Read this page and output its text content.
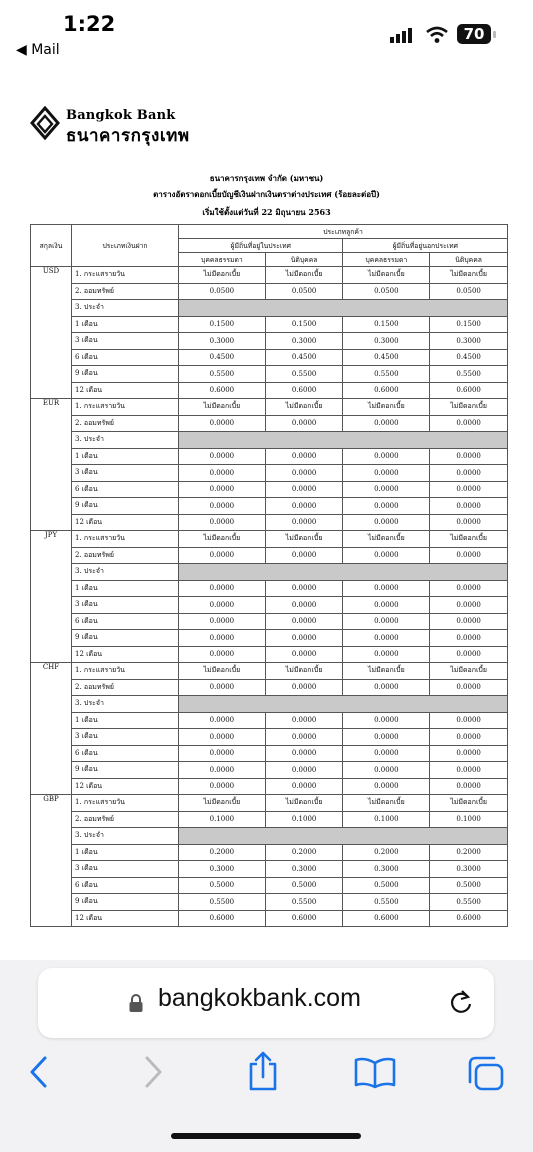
1:22
◀ Mail
70
Bangkok Bank
ธนาคารกรุงเทพ
ธนาคารกรุงเทพ จำกัด (มหาชน)
ตารางอัตราดอกเบี้ยบัญชีเงินฝากเงินตราต่างประเทศ (ร้อยละต่อปี)
เริ่มใช้ตั้งแต่วันที่ 22 มิถุนายน 2563
สกุลเงิน	ประเภทเงินฝาก	ประเภทลูกค้า			
		ผู้มีถิ่นที่อยู่ในประเทศ		ผู้มีถิ่นที่อยู่นอกประเทศ	
		บุคคลธรรมดา	นิติบุคคล	บุคคลธรรมดา	นิติบุคคล
USD	1. กระแสรายวัน	ไม่มีดอกเบี้ย	ไม่มีดอกเบี้ย	ไม่มีดอกเบี้ย	ไม่มีดอกเบี้ย
	2. ออมทรัพย์	0.0500	0.0500	0.0500	0.0500
	3. ประจำ				
	1 เดือน	0.1500	0.1500	0.1500	0.1500
	3 เดือน	0.3000	0.3000	0.3000	0.3000
	6 เดือน	0.4500	0.4500	0.4500	0.4500
	9 เดือน	0.5500	0.5500	0.5500	0.5500
	12 เดือน	0.6000	0.6000	0.6000	0.6000
EUR	1. กระแสรายวัน	ไม่มีดอกเบี้ย	ไม่มีดอกเบี้ย	ไม่มีดอกเบี้ย	ไม่มีดอกเบี้ย
	2. ออมทรัพย์	0.0000	0.0000	0.0000	0.0000
	3. ประจำ				
	1 เดือน	0.0000	0.0000	0.0000	0.0000
	3 เดือน	0.0000	0.0000	0.0000	0.0000
	6 เดือน	0.0000	0.0000	0.0000	0.0000
	9 เดือน	0.0000	0.0000	0.0000	0.0000
	12 เดือน	0.0000	0.0000	0.0000	0.0000
JPY	1. กระแสรายวัน	ไม่มีดอกเบี้ย	ไม่มีดอกเบี้ย	ไม่มีดอกเบี้ย	ไม่มีดอกเบี้ย
	2. ออมทรัพย์	0.0000	0.0000	0.0000	0.0000
	3. ประจำ				
	1 เดือน	0.0000	0.0000	0.0000	0.0000
	3 เดือน	0.0000	0.0000	0.0000	0.0000
	6 เดือน	0.0000	0.0000	0.0000	0.0000
	9 เดือน	0.0000	0.0000	0.0000	0.0000
	12 เดือน	0.0000	0.0000	0.0000	0.0000
CHF	1. กระแสรายวัน	ไม่มีดอกเบี้ย	ไม่มีดอกเบี้ย	ไม่มีดอกเบี้ย	ไม่มีดอกเบี้ย
	2. ออมทรัพย์	0.0000	0.0000	0.0000	0.0000
	3. ประจำ				
	1 เดือน	0.0000	0.0000	0.0000	0.0000
	3 เดือน	0.0000	0.0000	0.0000	0.0000
	6 เดือน	0.0000	0.0000	0.0000	0.0000
	9 เดือน	0.0000	0.0000	0.0000	0.0000
	12 เดือน	0.0000	0.0000	0.0000	0.0000
GBP	1. กระแสรายวัน	ไม่มีดอกเบี้ย	ไม่มีดอกเบี้ย	ไม่มีดอกเบี้ย	ไม่มีดอกเบี้ย
	2. ออมทรัพย์	0.1000	0.1000	0.1000	0.1000
	3. ประจำ				
	1 เดือน	0.2000	0.2000	0.2000	0.2000
	3 เดือน	0.3000	0.3000	0.3000	0.3000
	6 เดือน	0.5000	0.5000	0.5000	0.5000
	9 เดือน	0.5500	0.5500	0.5500	0.5500
	12 เดือน	0.6000	0.6000	0.6000	0.6000
bangkokbank.com
